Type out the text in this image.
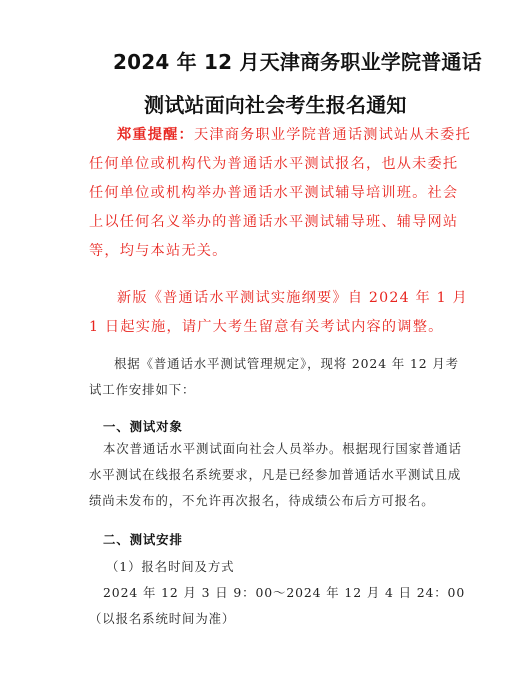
2024 年 12 月天津商务职业学院普通话
测试站面向社会考生报名通知

郑重提醒：天津商务职业学院普通话测试站从未委托任何单位或机构代为普通话水平测试报名，也从未委托任何单位或机构举办普通话水平测试辅导培训班。社会上以任何名义举办的普通话水平测试辅导班、辅导网站等，均与本站无关。

新版《普通话水平测试实施纲要》自 2024 年 1 月 1 日起实施，请广大考生留意有关考试内容的调整。

根据《普通话水平测试管理规定》，现将 2024 年 12 月考试工作安排如下：

一、测试对象

本次普通话水平测试面向社会人员举办。根据现行国家普通话水平测试在线报名系统要求，凡是已经参加普通话水平测试且成绩尚未发布的，不允许再次报名，待成绩公布后方可报名。

二、测试安排
（1）报名时间及方式

2024 年 12 月 3 日 9：00～2024 年 12 月 4 日 24：00（以报名系统时间为准）
